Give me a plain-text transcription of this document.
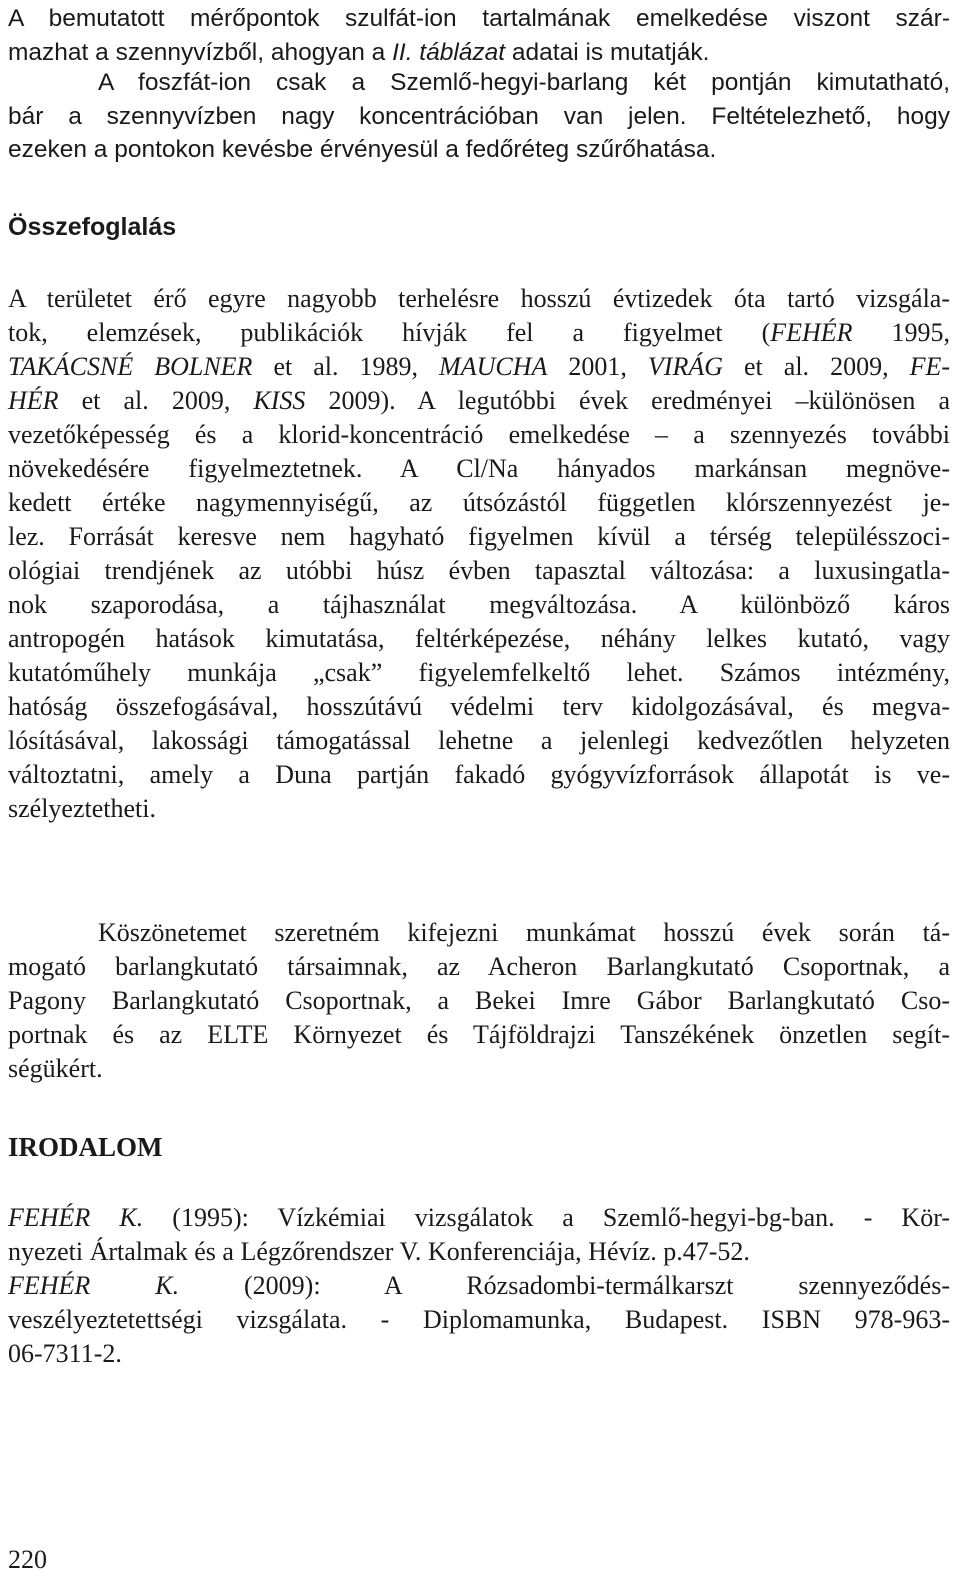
A bemutatott mérőpontok szulfát-ion tartalmának emelkedése viszont szár-
mazhat a szennyvízből, ahogyan a II. táblázat adatai is mutatják.
A foszfát-ion csak a Szemlő-hegyi-barlang két pontján kimutatható,
bár a szennyvízben nagy koncentrációban van jelen. Feltételezhető, hogy
ezeken a pontokon kevésbe érvényesül a fedőréteg szűrőhatása.
Összefoglalás
A területet érő egyre nagyobb terhelésre hosszú évtizedek óta tartó vizsgála-
tok, elemzések, publikációk hívják fel a figyelmet (FEHÉR 1995,
TAKÁCSNÉ BOLNER et al. 1989, MAUCHA 2001, VIRÁG et al. 2009, FE-
HÉR et al. 2009, KISS 2009). A legutóbbi évek eredményei –különösen a
vezetőképesség és a klorid-koncentráció emelkedése – a szennyezés további
növekedésére figyelmeztetnek. A Cl/Na hányados markánsan megnöve-
kedett értéke nagymennyiségű, az útsózástól független klórszennyezést je-
lez. Forrását keresve nem hagyható figyelmen kívül a térség településszoci-
ológiai trendjének az utóbbi húsz évben tapasztal változása: a luxusingatla-
nok szaporodása, a tájhasználat megváltozása. A különböző káros
antropogén hatások kimutatása, feltérképezése, néhány lelkes kutató, vagy
kutatóműhely munkája „csak” figyelemfelkeltő lehet. Számos intézmény,
hatóság összefogásával, hosszútávú védelmi terv kidolgozásával, és megva-
lósításával, lakossági támogatással lehetne a jelenlegi kedvezőtlen helyzeten
változtatni, amely a Duna partján fakadó gyógyvízforrások állapotát is ve-
szélyeztetheti.
Köszönetemet szeretném kifejezni munkámat hosszú évek során tá-
mogató barlangkutató társaimnak, az Acheron Barlangkutató Csoportnak, a
Pagony Barlangkutató Csoportnak, a Bekei Imre Gábor Barlangkutató Cso-
portnak és az ELTE Környezet és Tájföldrajzi Tanszékének önzetlen segít-
ségükért.
IRODALOM
FEHÉR K. (1995): Vízkémiai vizsgálatok a Szemlő-hegyi-bg-ban. - Kör-
nyezeti Ártalmak és a Légzőrendszer V. Konferenciája, Hévíz. p.47-52.
FEHÉR K. (2009): A Rózsadombi-termálkarszt szennyeződés-
veszélyeztetettségi vizsgálata. - Diplomamunka, Budapest. ISBN 978-963-
06-7311-2.
220
